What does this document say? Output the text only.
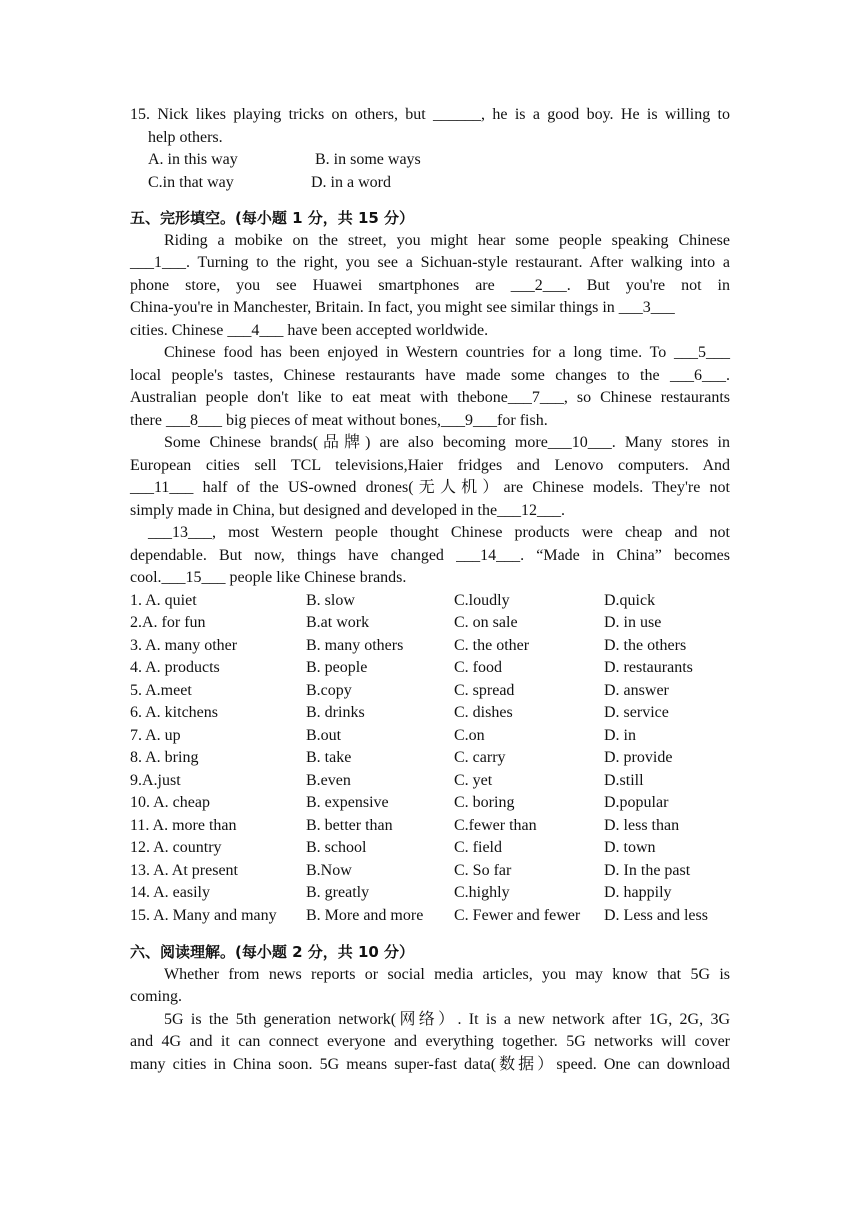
15. Nick likes playing tricks on others, but ______, he is a good boy. He is willing to
help others.
A. in this way	B. in some ways
C.in that way	D. in a word
五、完形填空。(每小题 1 分，共 15 分）
Riding a mobike on the street, you might hear some people speaking Chinese
___1___. Turning to the right, you see a Sichuan-style restaurant. After walking into a
phone store, you see Huawei smartphones are ___2___. But you're not in
China-you're in Manchester, Britain. In fact, you might see similar things in ___3___
cities. Chinese ___4___ have been accepted worldwide.
Chinese food has been enjoyed in Western countries for a long time. To ___5___
local people's tastes, Chinese restaurants have made some changes to the ___6___.
Australian people don't like to eat meat with thebone___7___, so Chinese restaurants
there ___8___ big pieces of meat without bones,___9___for fish.
Some Chinese brands(品牌) are also becoming more___10___. Many stores in
European cities sell TCL televisions,Haier fridges and Lenovo computers. And
___11___ half of the US-owned drones(无人机）are Chinese models. They're not
simply made in China, but designed and developed in the___12___.
___13___, most Western people thought Chinese products were cheap and not
dependable. But now, things have changed ___14___. “Made in China” becomes
cool.___15___ people like Chinese brands.
1. A. quiet	B. slow	C.loudly	D.quick
2.A. for fun	B.at work	C. on sale	D. in use
3. A. many other	B. many others	C. the other	D. the others
4. A. products	B. people	C. food	D. restaurants
5. A.meet	B.copy	C. spread	D. answer
6. A. kitchens	B. drinks	C. dishes	D. service
7. A. up	B.out	C.on	D. in
8. A. bring	B. take	C. carry	D. provide
9.A.just	B.even	C. yet	D.still
10. A. cheap	B. expensive	C. boring	D.popular
11. A. more than	B. better than	C.fewer than	D. less than
12. A. country	B. school	C. field	D. town
13. A. At present	B.Now	C. So far	D. In the past
14. A. easily	B. greatly	C.highly	D. happily
15. A. Many and many	B. More and more	C. Fewer and fewer	D. Less and less
六、阅读理解。(每小题 2 分，共 10 分）
Whether from news reports or social media articles, you may know that 5G is
coming.
5G is the 5th generation network(网络）. It is a new network after 1G, 2G, 3G
and 4G and it can connect everyone and everything together. 5G networks will cover
many cities in China soon. 5G means super-fast data(数据）speed. One can download
